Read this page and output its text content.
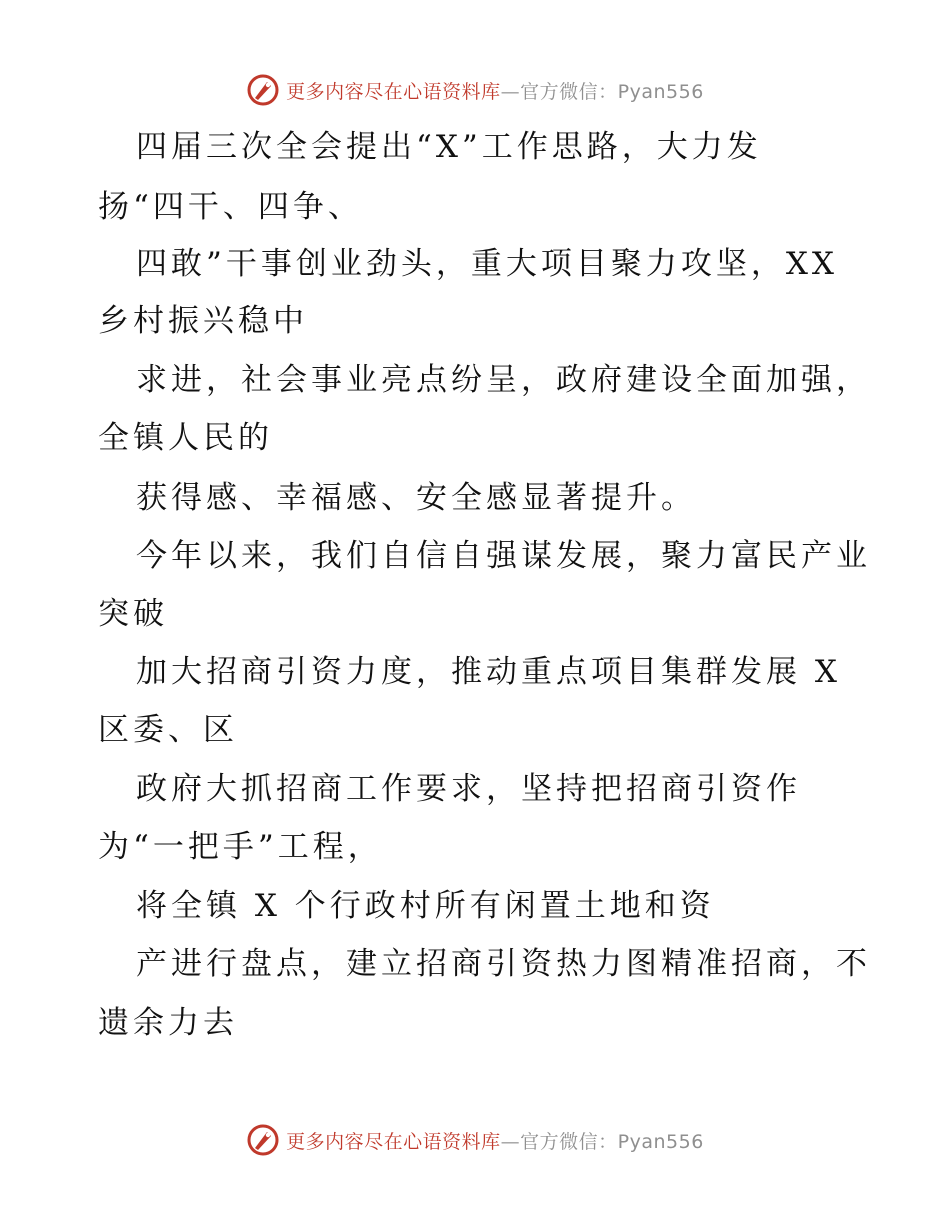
更多内容尽在心语资料库—官方微信：Pyan556
四届三次全会提出“X”工作思路，大力发
扬“四干、四争、
四敢”干事创业劲头，重大项目聚力攻坚，XX
乡村振兴稳中
求进，社会事业亮点纷呈，政府建设全面加强，
全镇人民的
获得感、幸福感、安全感显著提升。
今年以来，我们自信自强谋发展，聚力富民产业
突破
加大招商引资力度，推动重点项目集群发展 X
区委、区
政府大抓招商工作要求，坚持把招商引资作
为“一把手”工程，
将全镇 X 个行政村所有闲置土地和资
产进行盘点，建立招商引资热力图精准招商，不
遗余力去
更多内容尽在心语资料库—官方微信：Pyan556
